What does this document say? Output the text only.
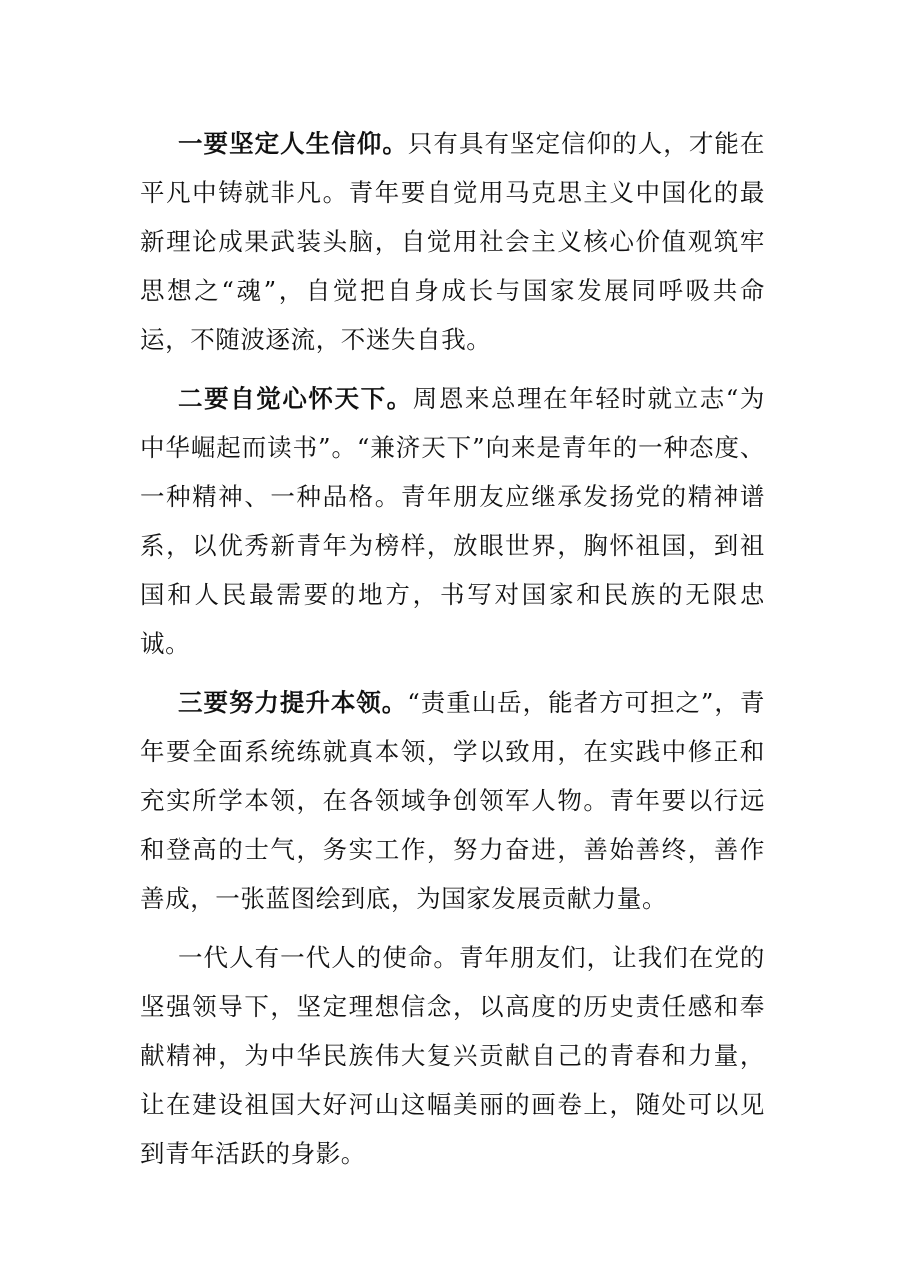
一要坚定人生信仰。只有具有坚定信仰的人，才能在平凡中铸就非凡。青年要自觉用马克思主义中国化的最新理论成果武装头脑，自觉用社会主义核心价值观筑牢思想之“魂”，自觉把自身成长与国家发展同呼吸共命运，不随波逐流，不迷失自我。

二要自觉心怀天下。周恩来总理在年轻时就立志“为中华崛起而读书”。“兼济天下”向来是青年的一种态度、一种精神、一种品格。青年朋友应继承发扬党的精神谱系，以优秀新青年为榜样，放眼世界，胸怀祖国，到祖国和人民最需要的地方，书写对国家和民族的无限忠诚。

三要努力提升本领。“责重山岳，能者方可担之”，青年要全面系统练就真本领，学以致用，在实践中修正和充实所学本领，在各领域争创领军人物。青年要以行远和登高的士气，务实工作，努力奋进，善始善终，善作善成，一张蓝图绘到底，为国家发展贡献力量。

一代人有一代人的使命。青年朋友们，让我们在党的坚强领导下，坚定理想信念，以高度的历史责任感和奉献精神，为中华民族伟大复兴贡献自己的青春和力量，让在建设祖国大好河山这幅美丽的画卷上，随处可以见到青年活跃的身影。
